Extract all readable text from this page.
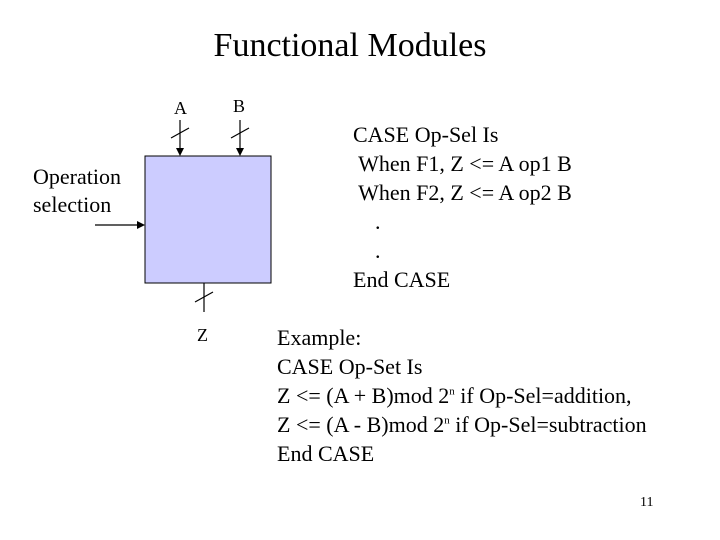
Functional Modules
A	B
Z
Operation
selection
CASE Op-Sel Is
When F1, Z <= A op1 B
When F2, Z <= A op2 B
.
.
End CASE
Example:
CASE Op-Set Is
Z <= (A + B)mod 2$^n$ if Op-Sel=addition,
Z <= (A - B)mod 2$^n$ if Op-Sel=subtraction
End CASE
11
